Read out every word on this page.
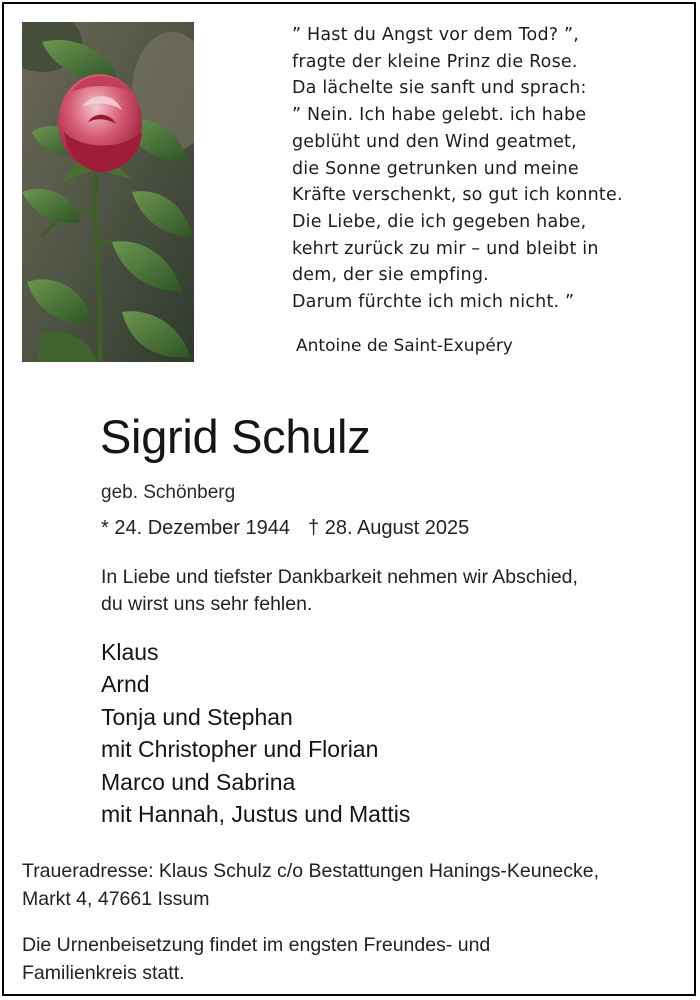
” Hast du Angst vor dem Tod? ”,
fragte der kleine Prinz die Rose.
Da lächelte sie sanft und sprach:
” Nein. Ich habe gelebt. ich habe
geblüht und den Wind geatmet,
die Sonne getrunken und meine
Kräfte verschenkt, so gut ich konnte.
Die Liebe, die ich gegeben habe,
kehrt zurück zu mir – und bleibt in
dem, der sie empfing.
Darum fürchte ich mich nicht. ”
Antoine de Saint-Exupéry
Sigrid Schulz
geb. Schönberg
* 24. Dezember 1944 † 28. August 2025
In Liebe und tiefster Dankbarkeit nehmen wir Abschied,
du wirst uns sehr fehlen.
Klaus
Arnd
Tonja und Stephan
mit Christopher und Florian
Marco und Sabrina
mit Hannah, Justus und Mattis
Traueradresse: Klaus Schulz c/o Bestattungen Hanings-Keunecke,
Markt 4, 47661 Issum
Die Urnenbeisetzung findet im engsten Freundes- und
Familienkreis statt.
